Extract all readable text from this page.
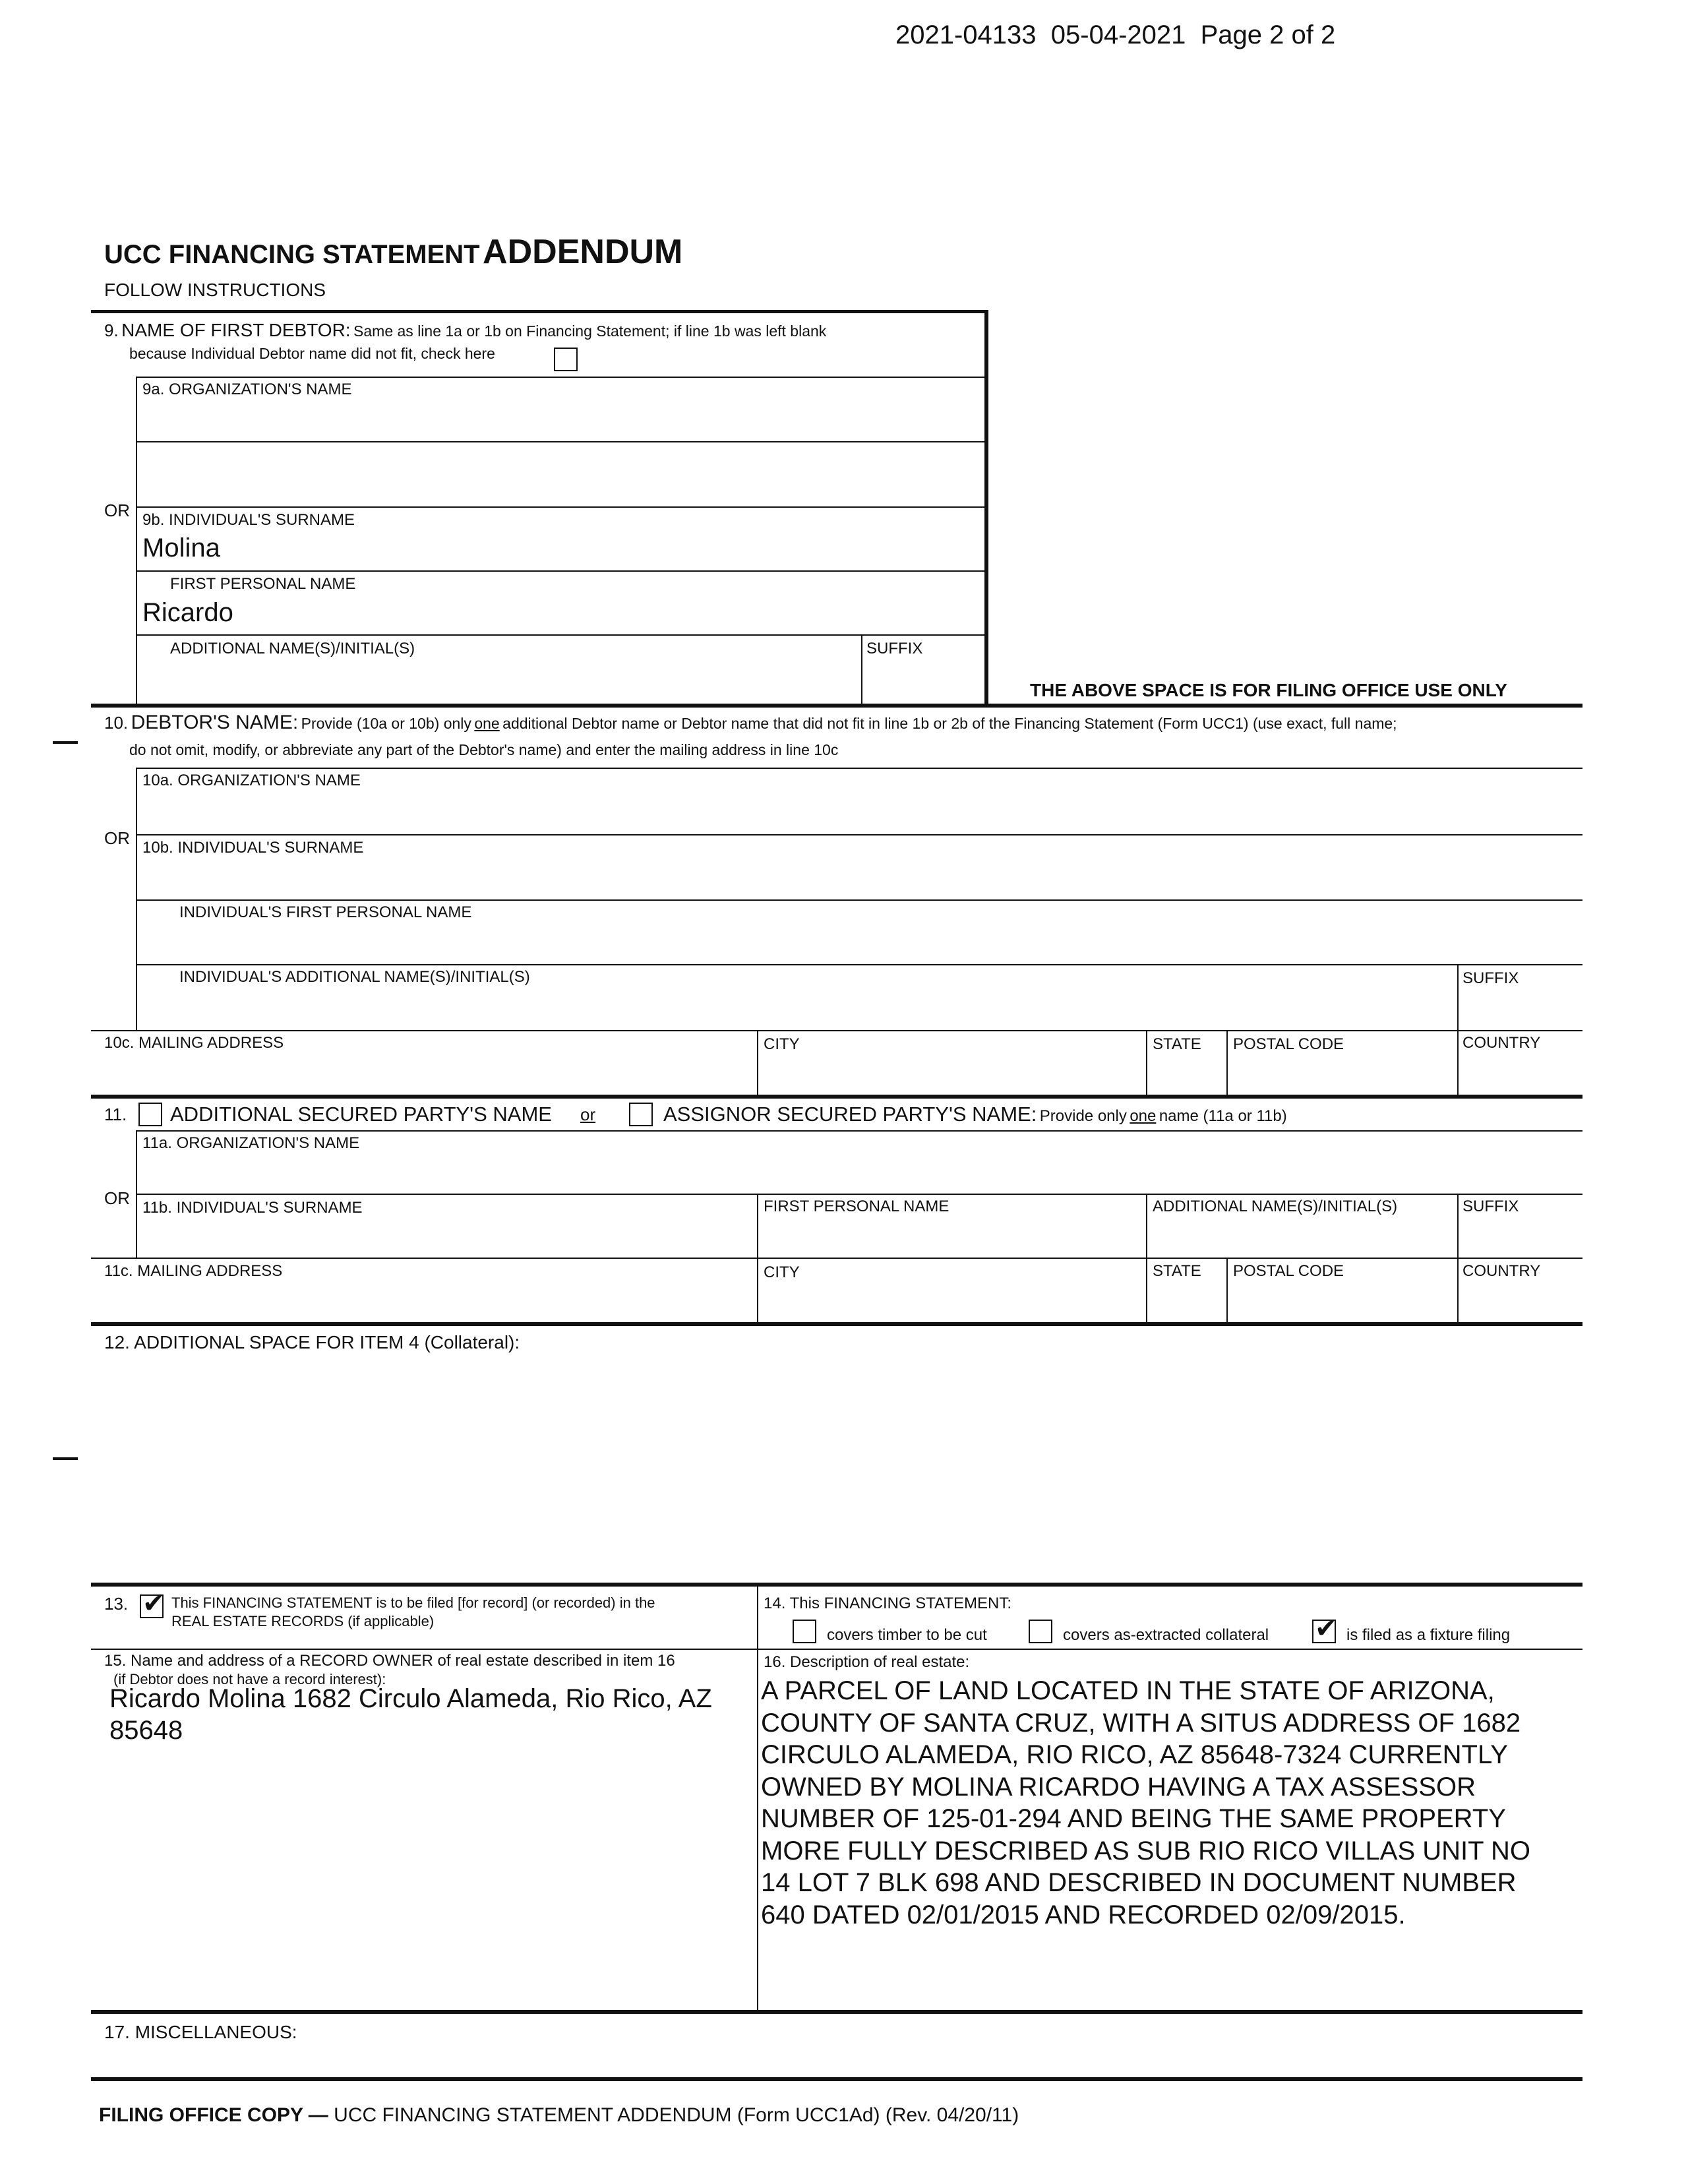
2021-04133  05-04-2021  Page 2 of 2
UCC FINANCING STATEMENT ADDENDUM
FOLLOW INSTRUCTIONS
9. NAME OF FIRST DEBTOR: Same as line 1a or 1b on Financing Statement; if line 1b was left blank
because Individual Debtor name did not fit, check here
9a. ORGANIZATION'S NAME
OR 9b. INDIVIDUAL'S SURNAME
Molina
FIRST PERSONAL NAME
Ricardo
ADDITIONAL NAME(S)/INITIAL(S)	SUFFIX
THE ABOVE SPACE IS FOR FILING OFFICE USE ONLY
10. DEBTOR'S NAME: Provide (10a or 10b) only one additional Debtor name or Debtor name that did not fit in line 1b or 2b of the Financing Statement (Form UCC1) (use exact, full name;
do not omit, modify, or abbreviate any part of the Debtor's name) and enter the mailing address in line 10c
10a. ORGANIZATION'S NAME
OR 10b. INDIVIDUAL'S SURNAME
INDIVIDUAL'S FIRST PERSONAL NAME
INDIVIDUAL'S ADDITIONAL NAME(S)/INITIAL(S)	SUFFIX
10c. MAILING ADDRESS	CITY	STATE POSTAL CODE	COUNTRY
11. ADDITIONAL SECURED PARTY'S NAME or	ASSIGNOR SECURED PARTY'S NAME: Provide only one name (11a or 11b)
11a. ORGANIZATION'S NAME
OR 11b. INDIVIDUAL'S SURNAME	FIRST PERSONAL NAME	ADDITIONAL NAME(S)/INITIAL(S)	SUFFIX
11c. MAILING ADDRESS	CITY	STATE POSTAL CODE	COUNTRY
12. ADDITIONAL SPACE FOR ITEM 4 (Collateral):
13. ✔ This FINANCING STATEMENT is to be filed [for record] (or recorded) in the
REAL ESTATE RECORDS (if applicable)
14. This FINANCING STATEMENT:
covers timber to be cut	covers as-extracted collateral ✔ is filed as a fixture filing
15. Name and address of a RECORD OWNER of real estate described in item 16
(if Debtor does not have a record interest):
Ricardo Molina 1682 Circulo Alameda, Rio Rico, AZ
85648
16. Description of real estate:
A PARCEL OF LAND LOCATED IN THE STATE OF ARIZONA,
COUNTY OF SANTA CRUZ, WITH A SITUS ADDRESS OF 1682
CIRCULO ALAMEDA, RIO RICO, AZ 85648-7324 CURRENTLY
OWNED BY MOLINA RICARDO HAVING A TAX ASSESSOR
NUMBER OF 125-01-294 AND BEING THE SAME PROPERTY
MORE FULLY DESCRIBED AS SUB RIO RICO VILLAS UNIT NO
14 LOT 7 BLK 698 AND DESCRIBED IN DOCUMENT NUMBER
640 DATED 02/01/2015 AND RECORDED 02/09/2015.
17. MISCELLANEOUS:
FILING OFFICE COPY — UCC FINANCING STATEMENT ADDENDUM (Form UCC1Ad) (Rev. 04/20/11)
